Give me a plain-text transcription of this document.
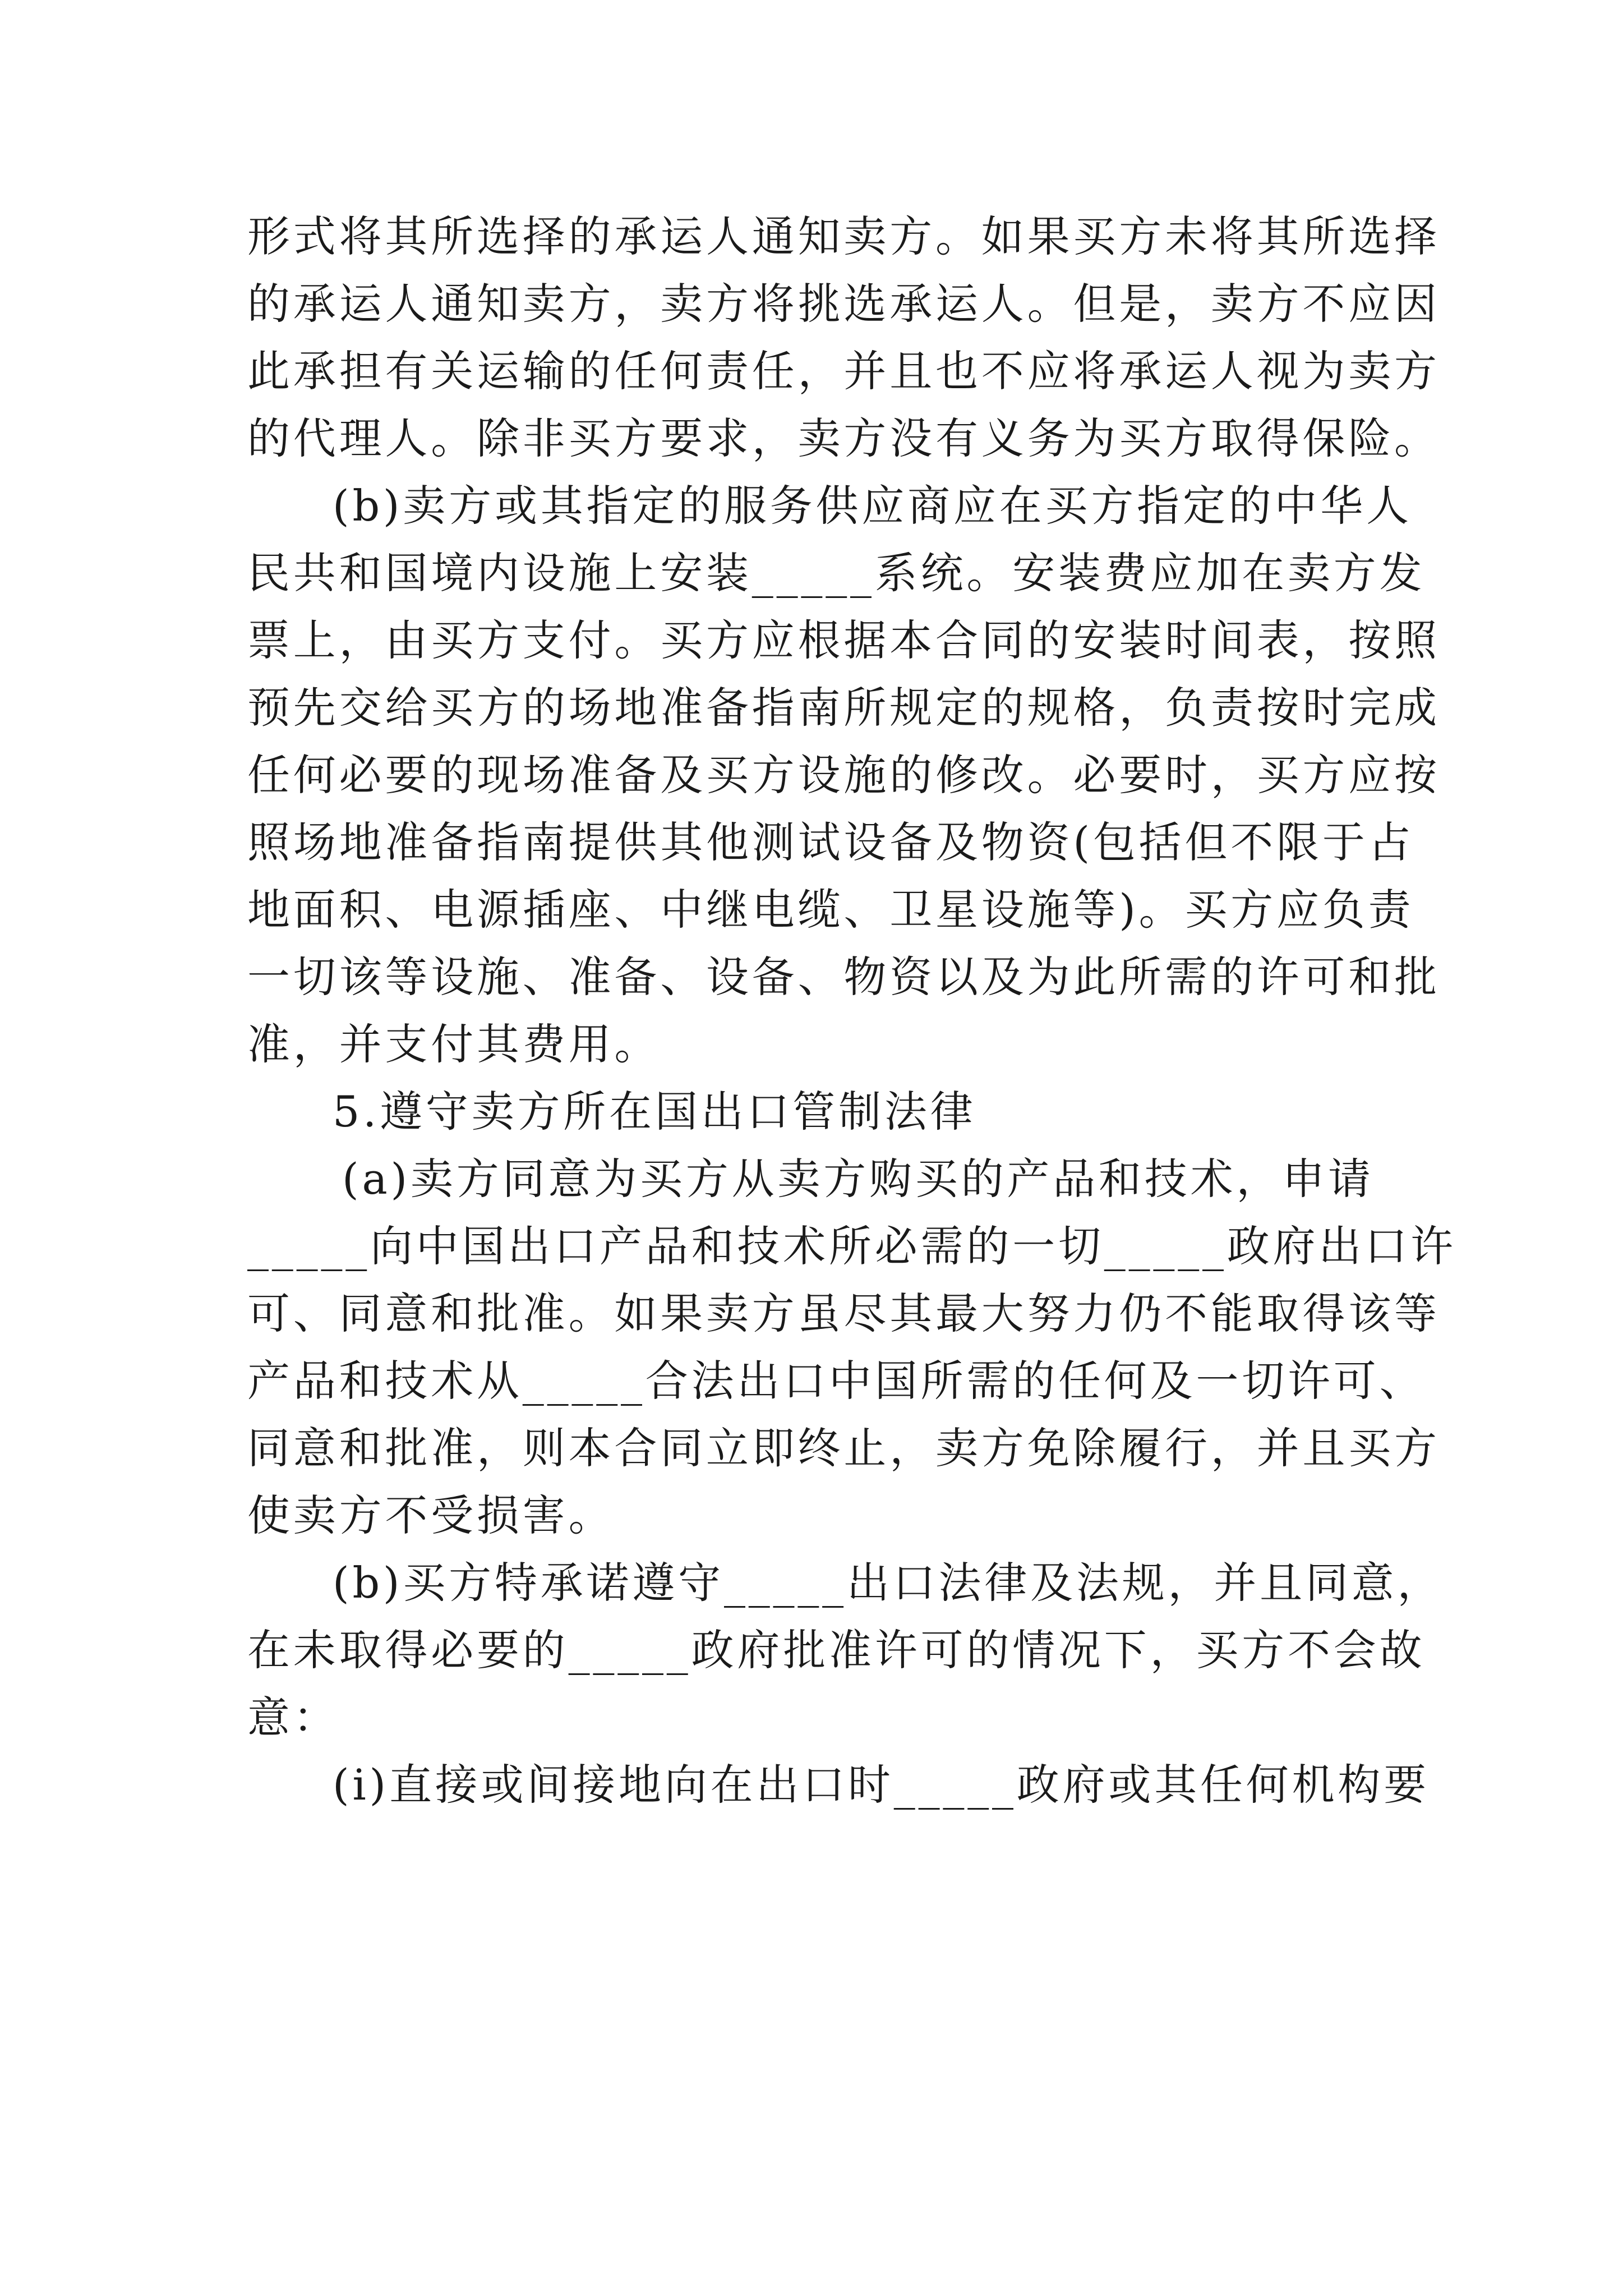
形式将其所选择的承运人通知卖方。如果买方未将其所选择
的承运人通知卖方，卖方将挑选承运人。但是，卖方不应因
此承担有关运输的任何责任，并且也不应将承运人视为卖方
的代理人。除非买方要求，卖方没有义务为买方取得保险。
(b)卖方或其指定的服务供应商应在买方指定的中华人
民共和国境内设施上安装_____系统。安装费应加在卖方发
票上，由买方支付。买方应根据本合同的安装时间表，按照
预先交给买方的场地准备指南所规定的规格，负责按时完成
任何必要的现场准备及买方设施的修改。必要时，买方应按
照场地准备指南提供其他测试设备及物资(包括但不限于占
地面积、电源插座、中继电缆、卫星设施等)。买方应负责
一切该等设施、准备、设备、物资以及为此所需的许可和批
准，并支付其费用。
5.遵守卖方所在国出口管制法律
(a)卖方同意为买方从卖方购买的产品和技术，申请
_____向中国出口产品和技术所必需的一切_____政府出口许
可、同意和批准。如果卖方虽尽其最大努力仍不能取得该等
产品和技术从_____合法出口中国所需的任何及一切许可、
同意和批准，则本合同立即终止，卖方免除履行，并且买方
使卖方不受损害。
(b)买方特承诺遵守_____出口法律及法规，并且同意，
在未取得必要的_____政府批准许可的情况下，买方不会故
意：
(i)直接或间接地向在出口时_____政府或其任何机构要
